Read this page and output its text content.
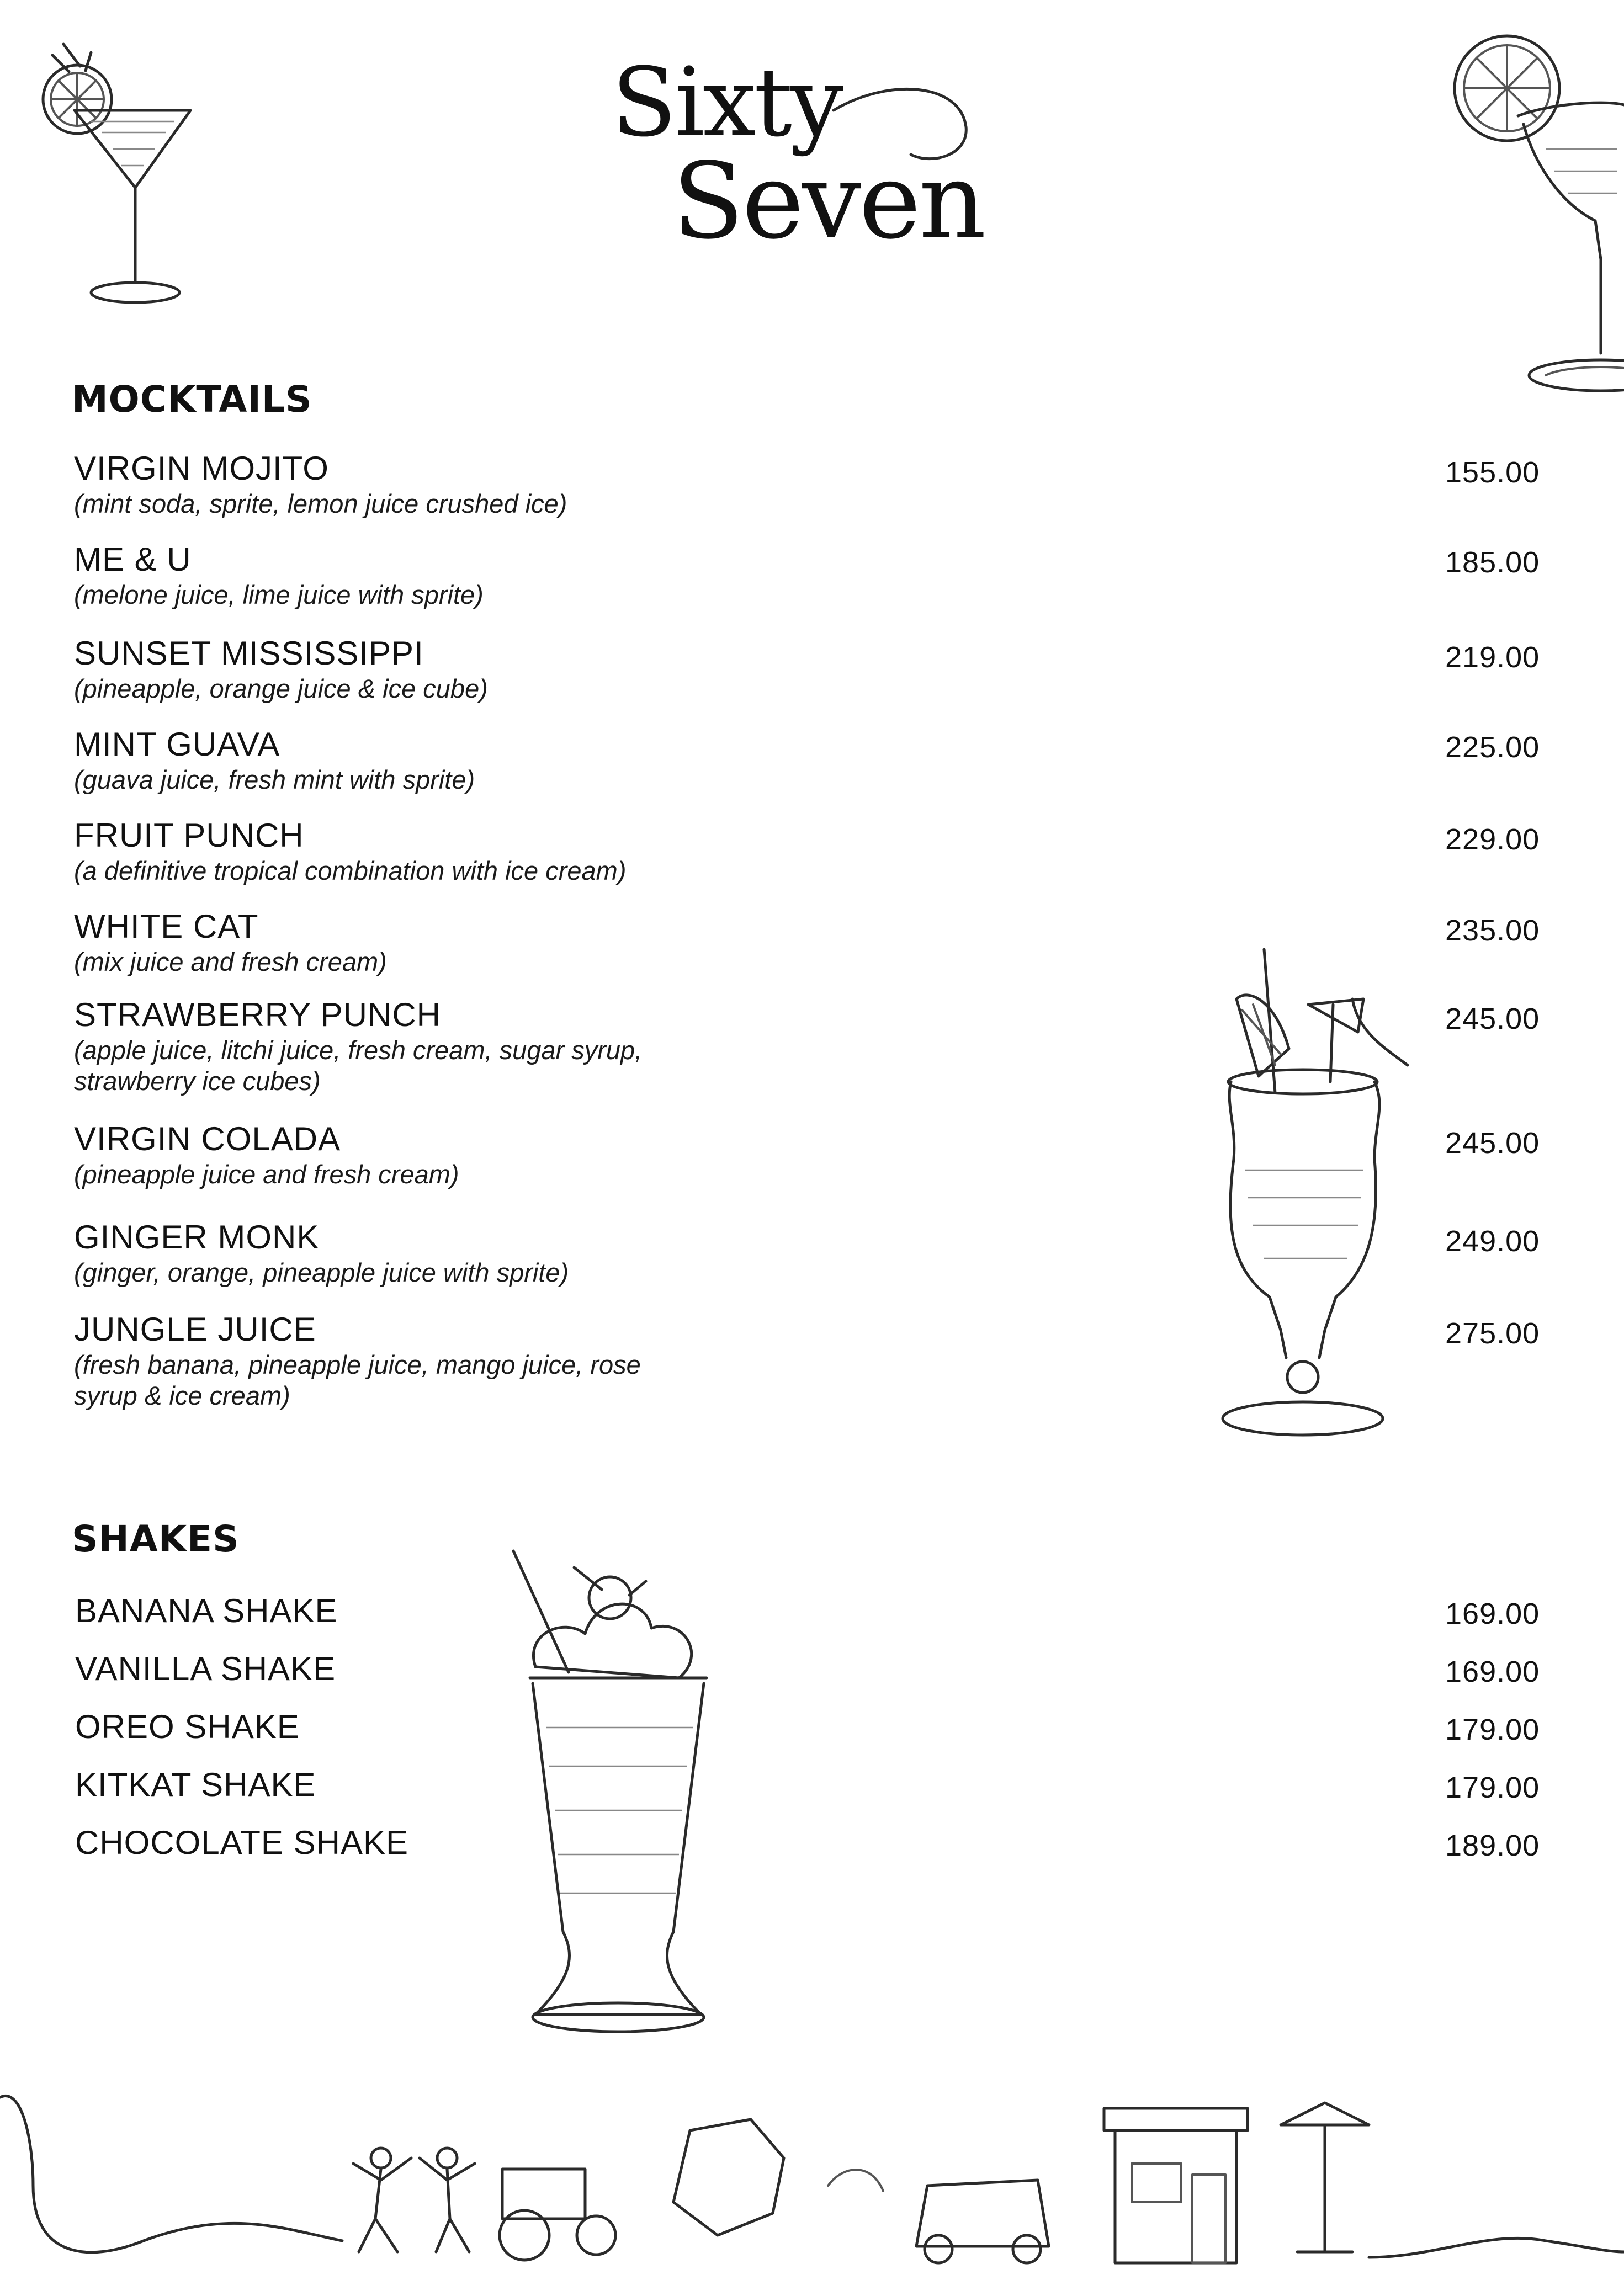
Sixty
Seven
MOCKTAILS
VIRGIN MOJITO
(mint soda, sprite, lemon juice crushed ice)
155.00
ME & U
(melone juice, lime juice with sprite)
185.00
SUNSET MISSISSIPPI
(pineapple, orange juice & ice cube)
219.00
MINT GUAVA
(guava juice, fresh mint with sprite)
225.00
FRUIT PUNCH
(a definitive tropical combination with ice cream)
229.00
WHITE CAT
(mix juice and fresh cream)
235.00
STRAWBERRY PUNCH
(apple juice, litchi juice, fresh cream, sugar syrup,
strawberry ice cubes)
245.00
VIRGIN COLADA
(pineapple juice and fresh cream)
245.00
GINGER MONK
(ginger, orange, pineapple juice with sprite)
249.00
JUNGLE JUICE
(fresh banana, pineapple juice, mango juice, rose
syrup & ice cream)
275.00
SHAKES
BANANA SHAKE	169.00
VANILLA SHAKE	169.00
OREO SHAKE	179.00
KITKAT SHAKE	179.00
CHOCOLATE SHAKE	189.00
